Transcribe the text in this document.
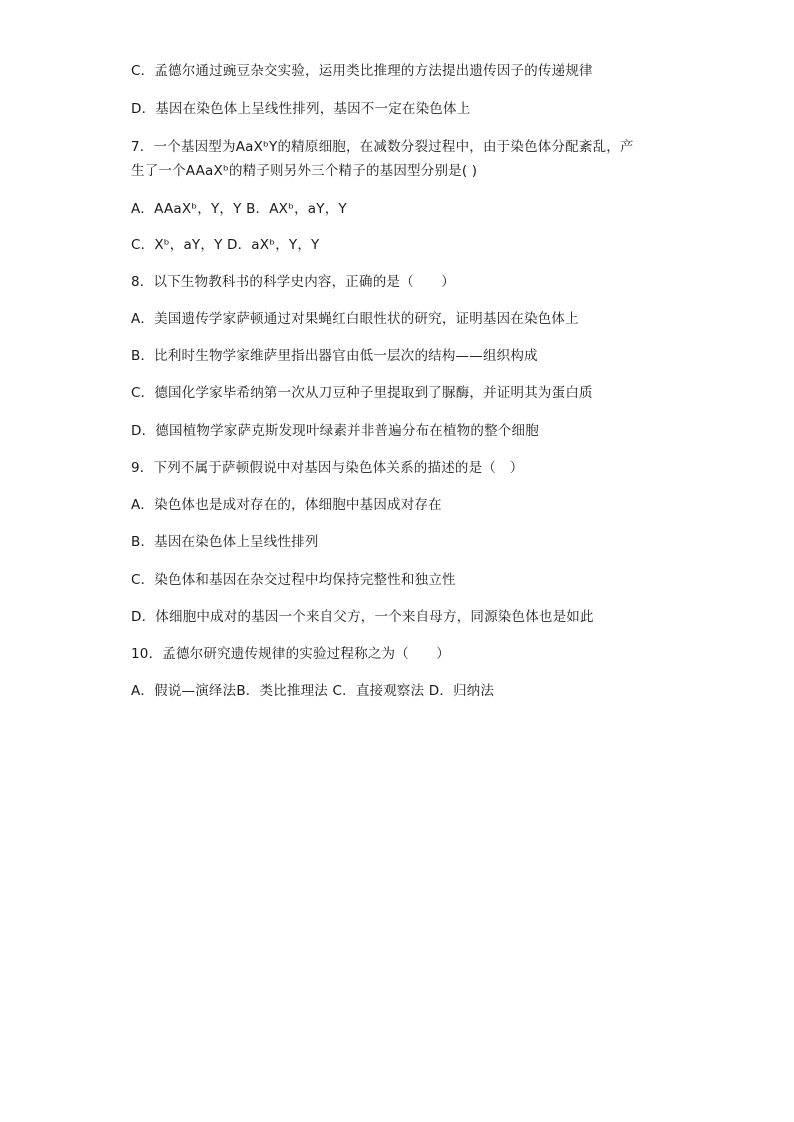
C．孟德尔通过豌豆杂交实验，运用类比推理的方法提出遗传因子的传递规律
D．基因在染色体上呈线性排列，基因不一定在染色体上
7．一个基因型为AaXᵇY的精原细胞，在减数分裂过程中，由于染色体分配紊乱，产
生了一个AAaXᵇ的精子则另外三个精子的基因型分别是( )
A．AAaXᵇ，Y，Y B．AXᵇ，aY，Y
C．Xᵇ，aY，Y D．aXᵇ，Y，Y
8．以下生物教科书的科学史内容，正确的是（　　）
A．美国遗传学家萨顿通过对果蝇红白眼性状的研究，证明基因在染色体上
B．比利时生物学家维萨里指出器官由低一层次的结构——组织构成
C．德国化学家毕希纳第一次从刀豆种子里提取到了脲酶，并证明其为蛋白质
D．德国植物学家萨克斯发现叶绿素并非普遍分布在植物的整个细胞
9．下列不属于萨顿假说中对基因与染色体关系的描述的是（　）
A．染色体也是成对存在的，体细胞中基因成对存在
B．基因在染色体上呈线性排列
C．染色体和基因在杂交过程中均保持完整性和独立性
D．体细胞中成对的基因一个来自父方，一个来自母方，同源染色体也是如此
10．孟德尔研究遗传规律的实验过程称之为（　　）
A．假说—演绎法B．类比推理法 C．直接观察法 D．归纳法
